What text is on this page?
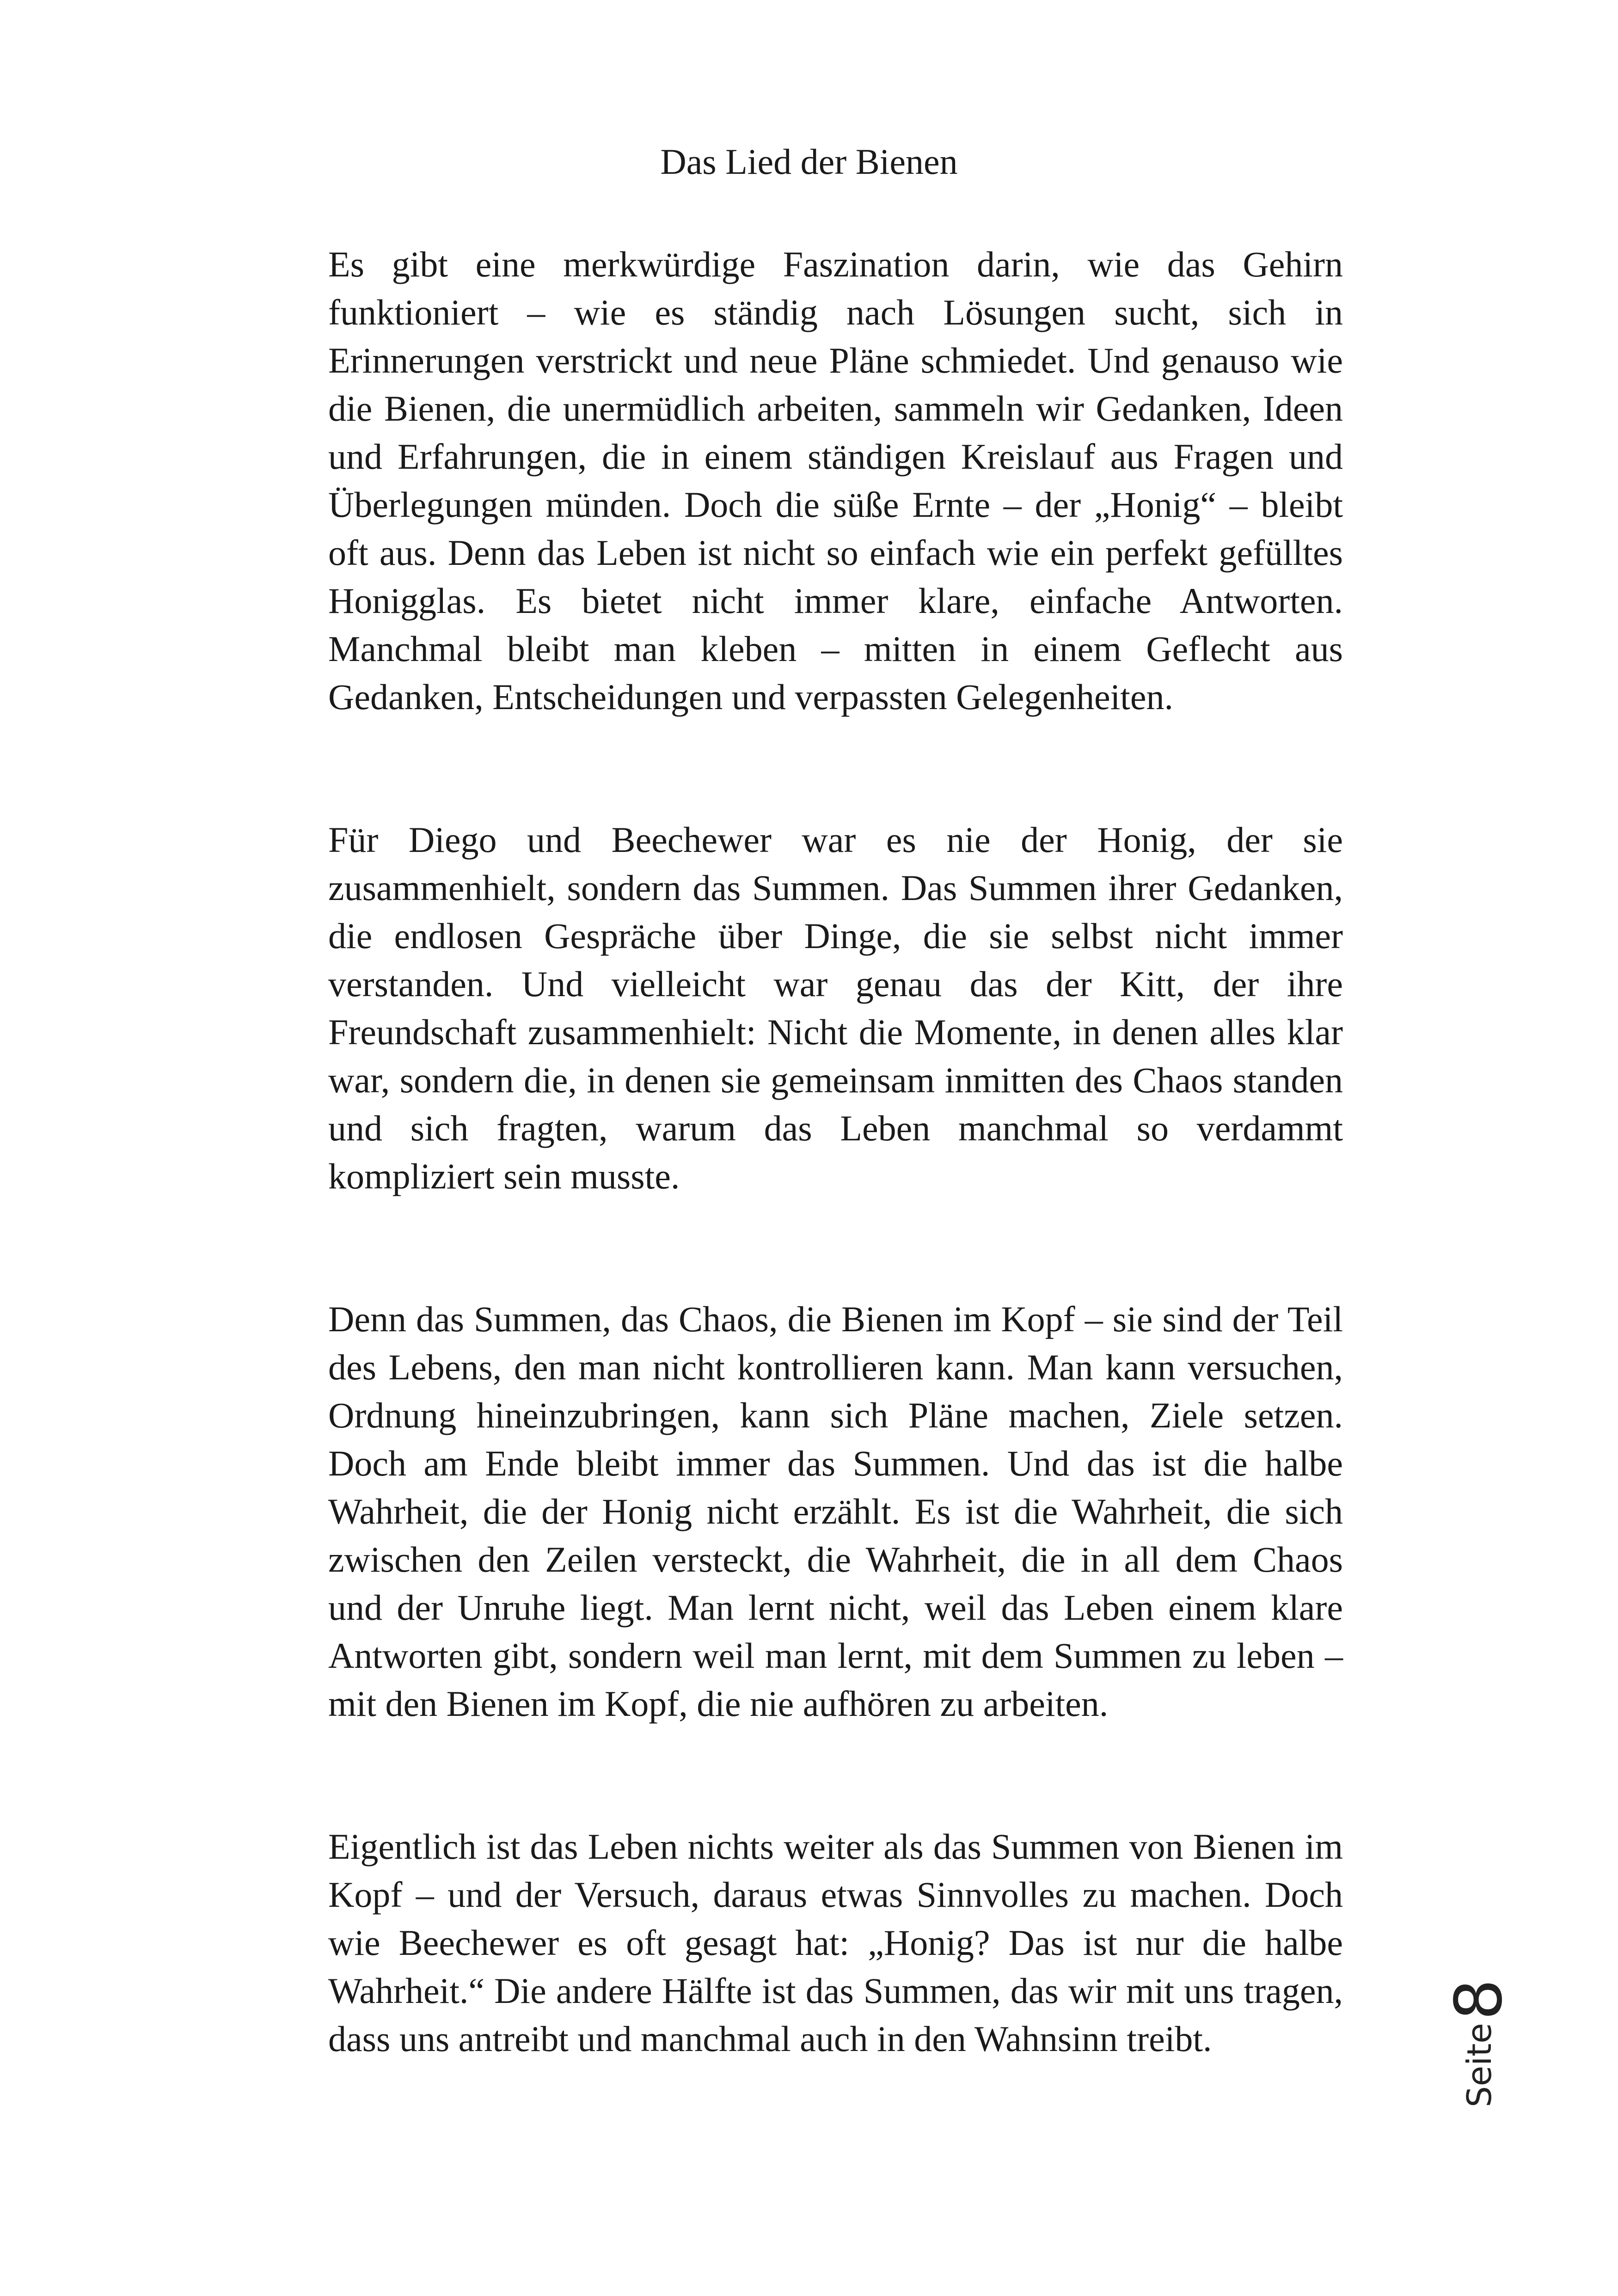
Das Lied der Bienen

Es gibt eine merkwürdige Faszination darin, wie das Gehirn funktioniert – wie es ständig nach Lösungen sucht, sich in Erinnerungen verstrickt und neue Pläne schmiedet. Und genauso wie die Bienen, die unermüdlich arbeiten, sammeln wir Gedanken, Ideen und Erfahrungen, die in einem ständigen Kreislauf aus Fragen und Überlegungen münden. Doch die süße Ernte – der „Honig“ – bleibt oft aus. Denn das Leben ist nicht so einfach wie ein perfekt gefülltes Honigglas. Es bietet nicht immer klare, einfache Antworten. Manchmal bleibt man kleben – mitten in einem Geflecht aus Gedanken, Entscheidungen und verpassten Gelegenheiten.

Für Diego und Beechewer war es nie der Honig, der sie zusammenhielt, sondern das Summen. Das Summen ihrer Gedanken, die endlosen Gespräche über Dinge, die sie selbst nicht immer verstanden. Und vielleicht war genau das der Kitt, der ihre Freundschaft zusammenhielt: Nicht die Momente, in denen alles klar war, sondern die, in denen sie gemeinsam inmitten des Chaos standen und sich fragten, warum das Leben manchmal so verdammt kompliziert sein musste.

Denn das Summen, das Chaos, die Bienen im Kopf – sie sind der Teil des Lebens, den man nicht kontrollieren kann. Man kann versuchen, Ordnung hineinzubringen, kann sich Pläne machen, Ziele setzen. Doch am Ende bleibt immer das Summen. Und das ist die halbe Wahrheit, die der Honig nicht erzählt. Es ist die Wahrheit, die sich zwischen den Zeilen versteckt, die Wahrheit, die in all dem Chaos und der Unruhe liegt. Man lernt nicht, weil das Leben einem klare Antworten gibt, sondern weil man lernt, mit dem Summen zu leben – mit den Bienen im Kopf, die nie aufhören zu arbeiten.

Eigentlich ist das Leben nichts weiter als das Summen von Bienen im Kopf – und der Versuch, daraus etwas Sinnvolles zu machen. Doch wie Beechewer es oft gesagt hat: „Honig? Das ist nur die halbe Wahrheit.“ Die andere Hälfte ist das Summen, das wir mit uns tragen, dass uns antreibt und manchmal auch in den Wahnsinn treibt.	Seite
8
